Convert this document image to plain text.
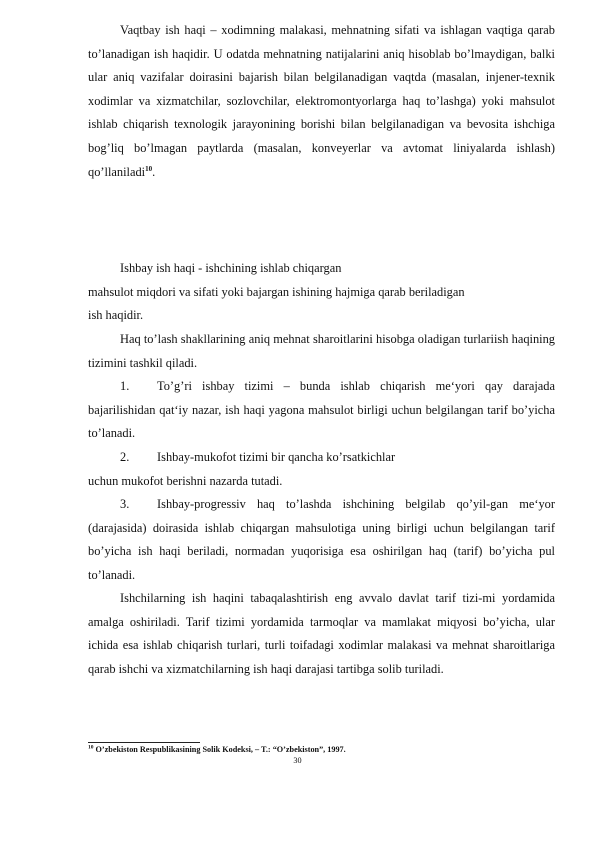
Vaqtbay ish haqi – xodimning malakasi, mehnatning sifati va ishlagan vaqtiga qarab to’lanadigan ish haqidir. U odatda mehnatning natijalarini aniq hisoblab bo’lmaydigan, balki ular aniq vazifalar doirasini bajarish bilan belgilanadigan vaqtda (masalan, injener-texnik xodimlar va xizmatchilar, sozlovchilar, elektromontyorlarga haq to’lashga) yoki mahsulot ishlab chiqarish texnologik jarayonining borishi bilan belgilanadigan va bevosita ishchiga bog’liq bo’lmagan paytlarda (masalan, konveyerlar va avtomat liniyalarda ishlash) qo’llaniladi$^{10}$.

Ishbay ish haqi - ishchining ishlab chiqargan
mahsulot miqdori va sifati yoki bajargan ishining hajmiga qarab beriladigan
ish haqidir.

Haq to’lash shakllarining aniq mehnat sharoitlarini hisobga oladigan turlariish haqining tizimini tashkil qiladi.

1. To’g’ri ishbay tizimi – bunda ishlab chiqarish me‘yori qay darajada bajarilishidan qat‘iy nazar, ish haqi yagona mahsulot birligi uchun belgilangan tarif bo’yicha to’lanadi.

2. Ishbay-mukofot tizimi bir qancha ko’rsatkichlar
uchun mukofot berishni nazarda tutadi.

3. Ishbay-progressiv haq to’lashda ishchining belgilab qo’yil-gan me‘yor (darajasida) doirasida ishlab chiqargan mahsulotiga uning birligi uchun belgilangan tarif bo’yicha ish haqi beriladi, normadan yuqorisiga esa oshirilgan haq (tarif) bo’yicha pul to’lanadi.

Ishchilarning ish haqini tabaqalashtirish eng avvalo davlat tarif tizi-mi yordamida amalga oshiriladi. Tarif tizimi yordamida tarmoqlar va mamlakat miqyosi bo’yicha, ular ichida esa ishlab chiqarish turlari, turli toifadagi xodimlar malakasi va mehnat sharoitlariga qarab ishchi va xizmatchilarning ish haqi darajasi tartibga solib turiladi.

$^{10}$ O’zbekiston Respublikasining Solik Kodeksi, – T.: “O’zbekiston”, 1997.
30
